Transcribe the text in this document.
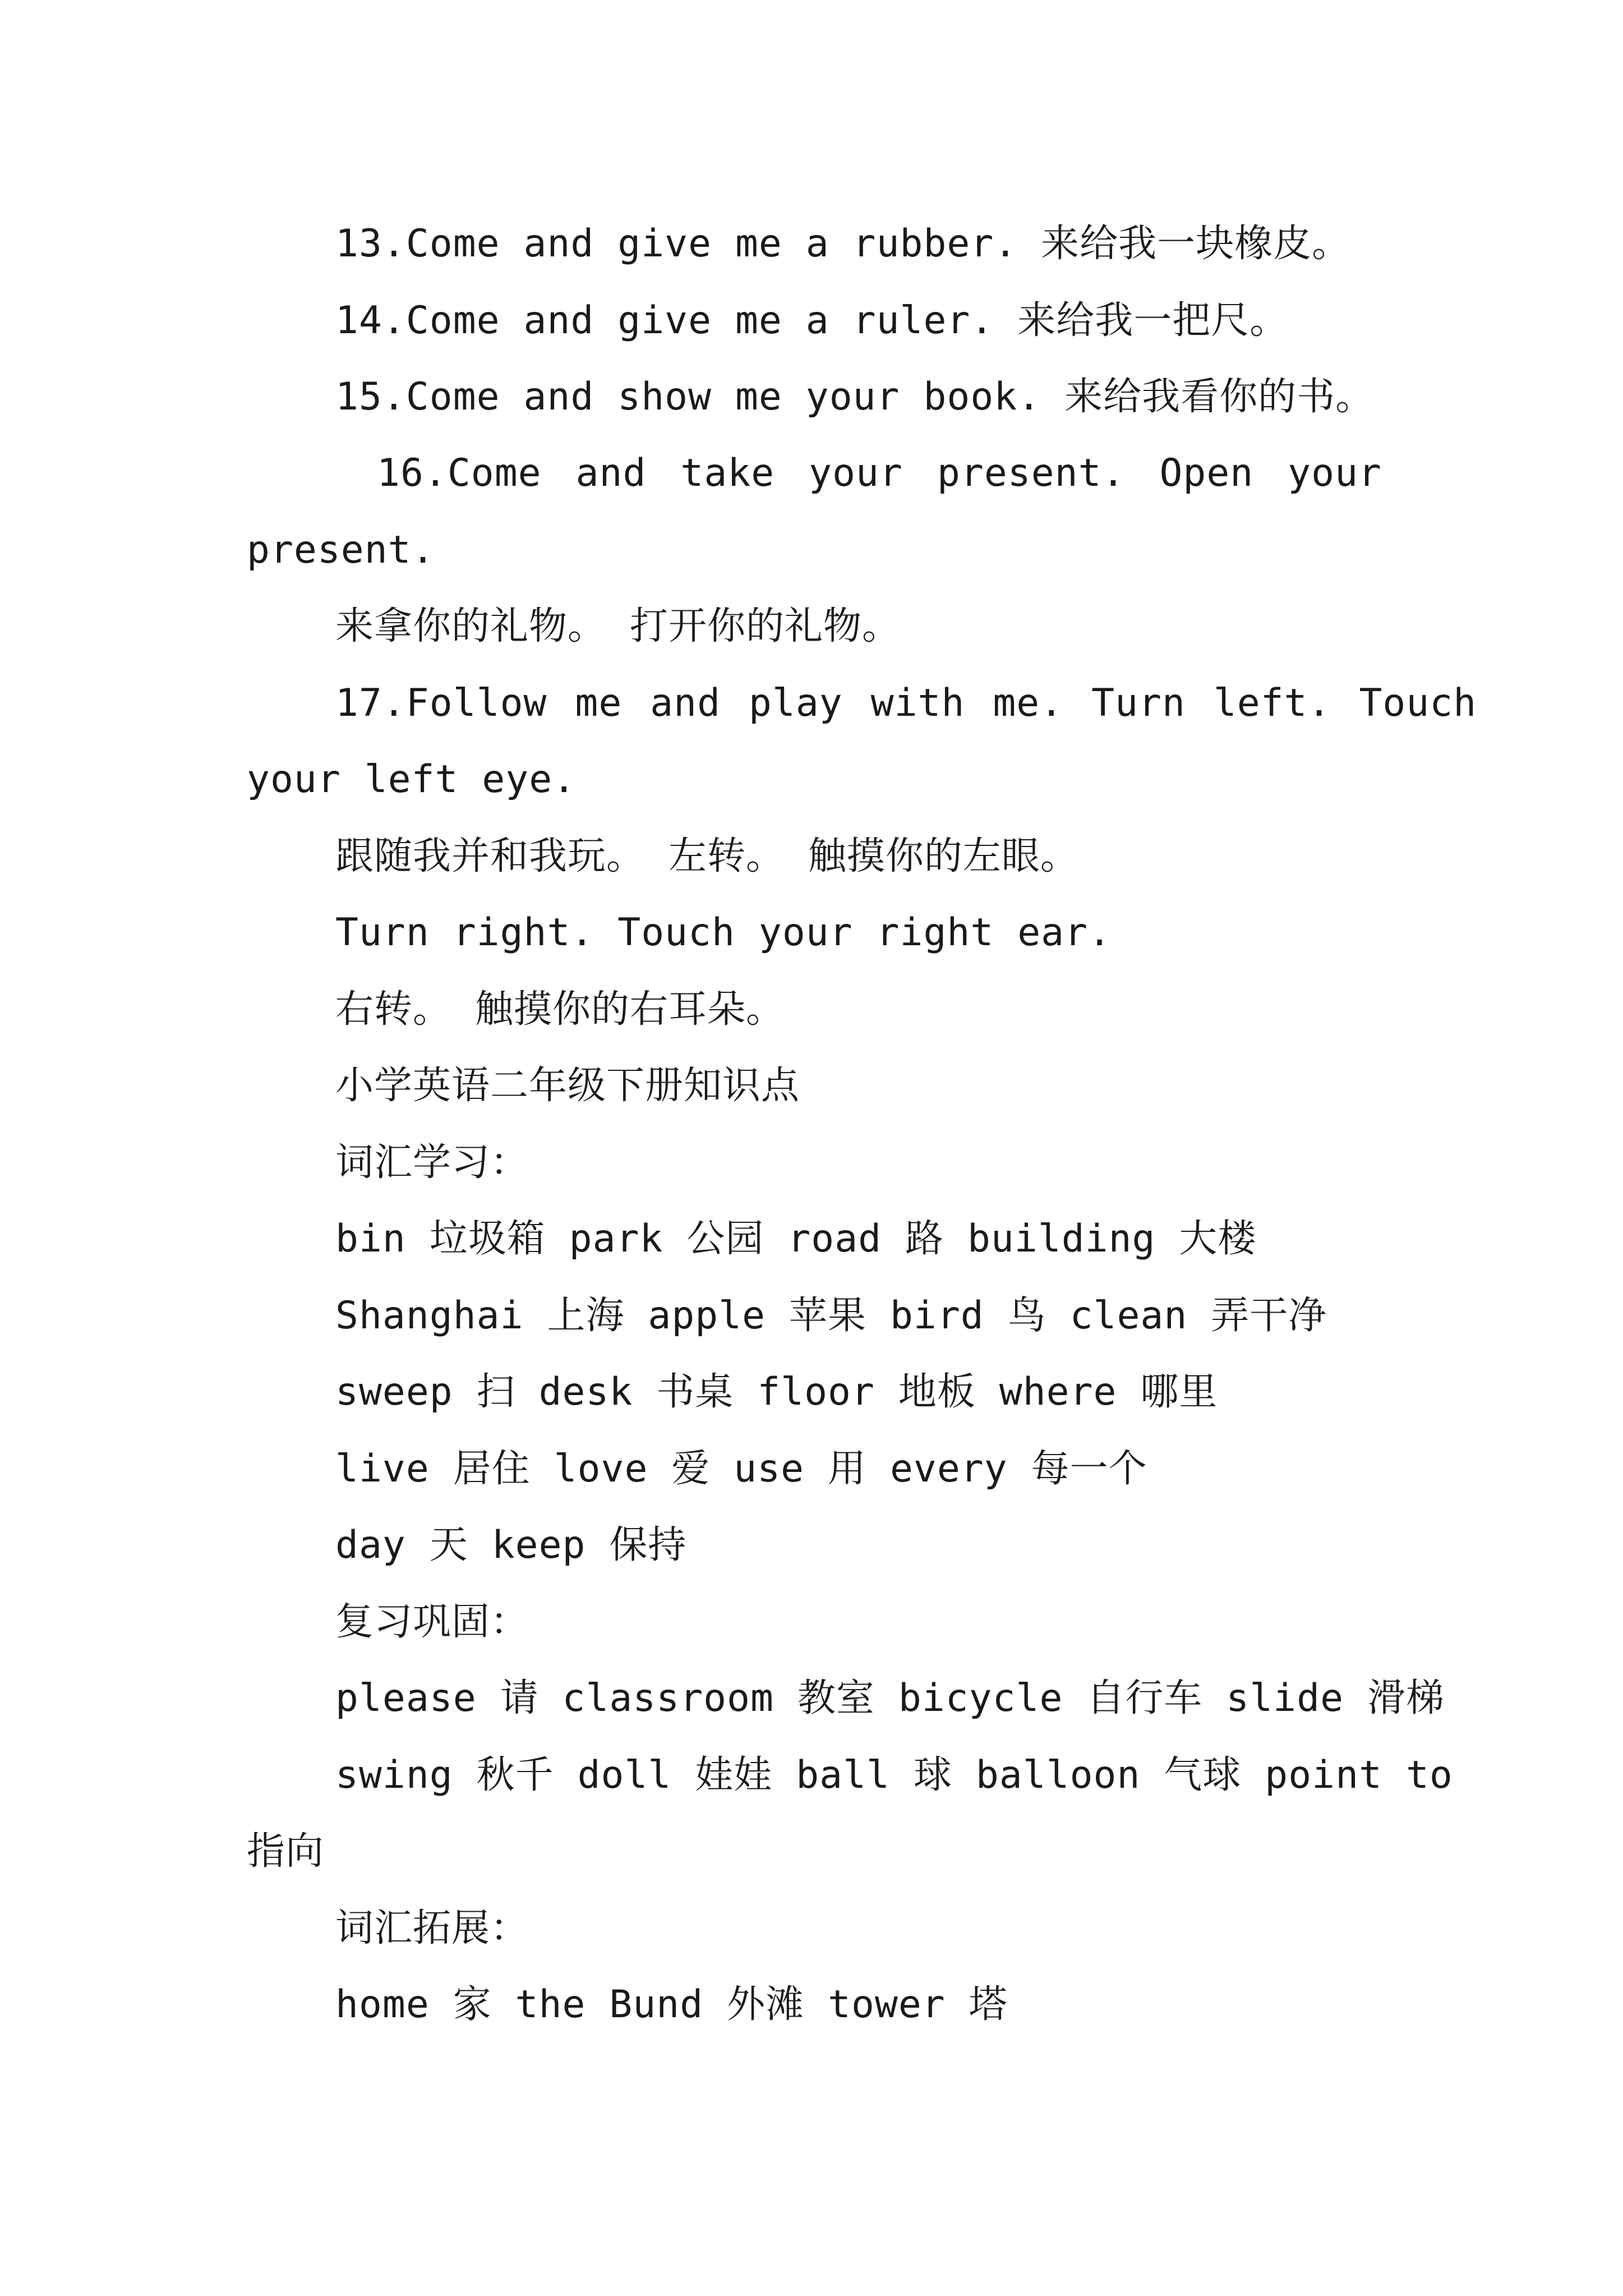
13.Come and give me a rubber. 来给我一块橡皮。

14.Come and give me a ruler. 来给我一把尺。

15.Come and show me your book. 来给我看你的书。

16.Come and take your present. Open your

present.

来拿你的礼物。 打开你的礼物。

17.Follow me and play with me. Turn left. Touch

your left eye.

跟随我并和我玩。 左转。 触摸你的左眼。

Turn right. Touch your right ear.

右转。 触摸你的右耳朵。

小学英语二年级下册知识点

词汇学习：

bin 垃圾箱 park 公园 road 路 building 大楼

Shanghai 上海 apple 苹果 bird 鸟 clean 弄干净

sweep 扫 desk 书桌 floor 地板 where 哪里

live 居住 love 爱 use 用 every 每一个

day 天 keep 保持

复习巩固：

please 请 classroom 教室 bicycle 自行车 slide 滑梯

swing 秋千 doll 娃娃 ball 球 balloon 气球 point to

指向

词汇拓展：

home 家 the Bund 外滩 tower 塔
